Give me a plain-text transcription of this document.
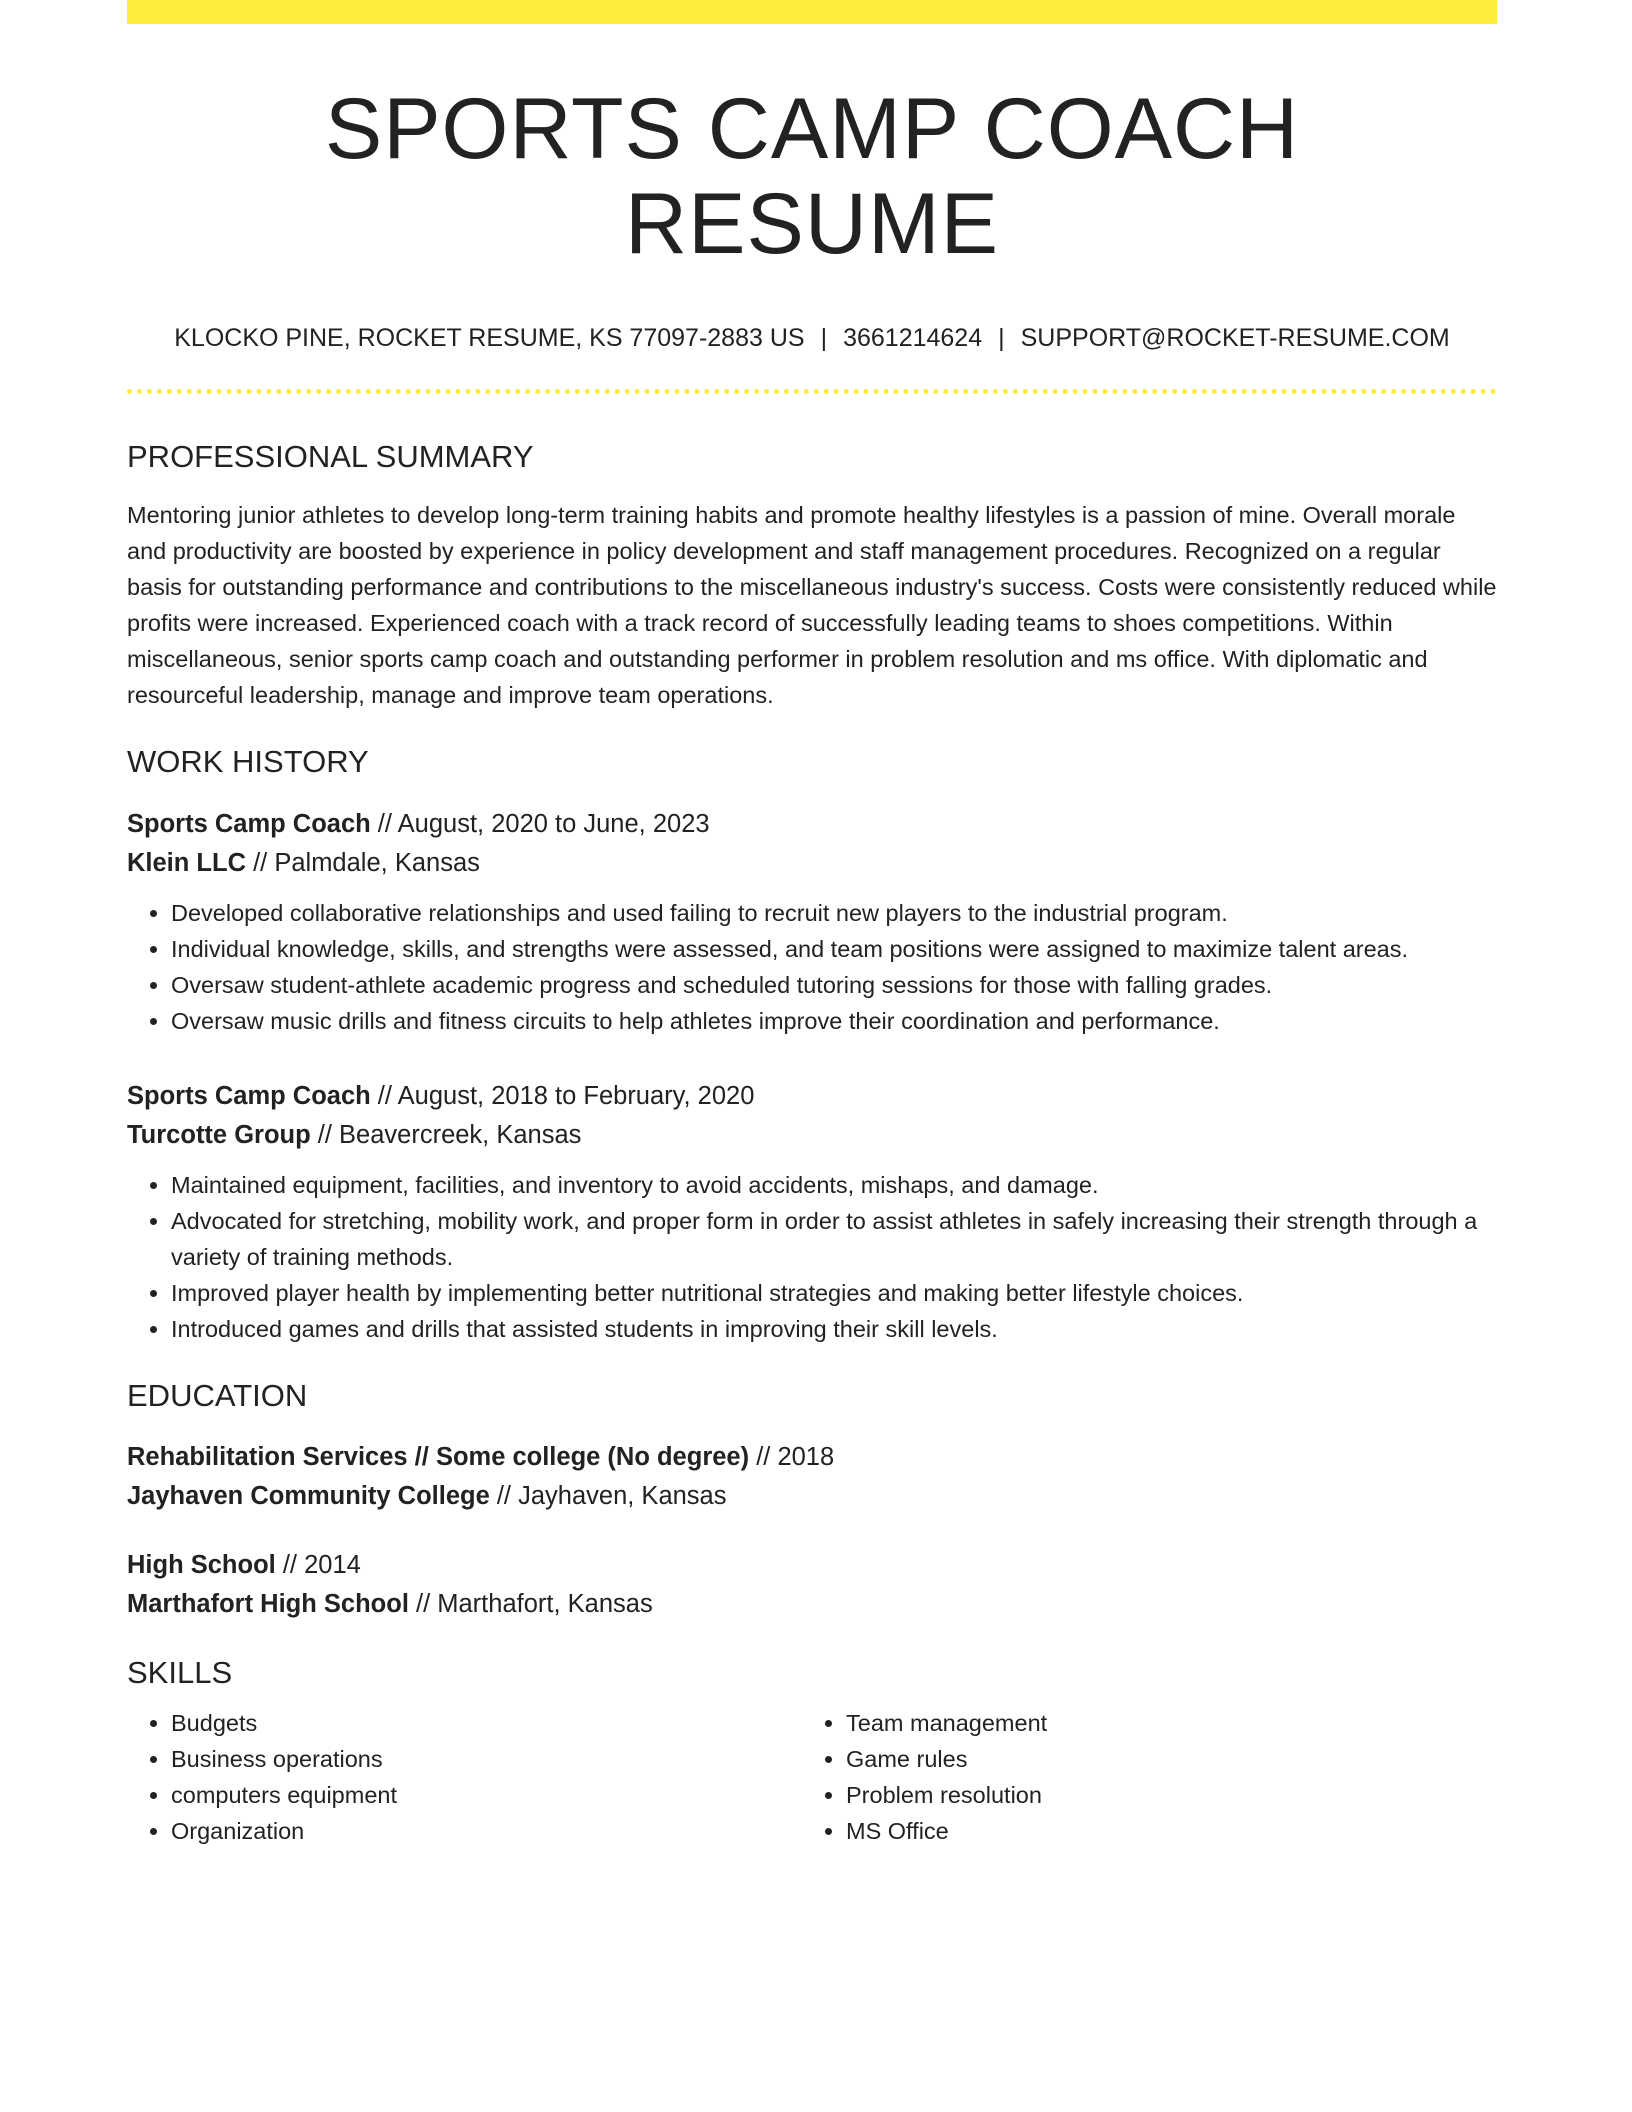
SPORTS CAMP COACH RESUME
KLOCKO PINE, ROCKET RESUME, KS 77097-2883 US | 3661214624 | SUPPORT@ROCKET-RESUME.COM
PROFESSIONAL SUMMARY

Mentoring junior athletes to develop long-term training habits and promote healthy lifestyles is a passion of mine. Overall morale and productivity are boosted by experience in policy development and staff management procedures. Recognized on a regular basis for outstanding performance and contributions to the miscellaneous industry's success. Costs were consistently reduced while profits were increased. Experienced coach with a track record of successfully leading teams to shoes competitions. Within miscellaneous, senior sports camp coach and outstanding performer in problem resolution and ms office. With diplomatic and resourceful leadership, manage and improve team operations.

WORK HISTORY
Sports Camp Coach // August, 2020 to June, 2023
Klein LLC // Palmdale, Kansas
• Developed collaborative relationships and used failing to recruit new players to the industrial program.
• Individual knowledge, skills, and strengths were assessed, and team positions were assigned to maximize talent areas.
• Oversaw student-athlete academic progress and scheduled tutoring sessions for those with falling grades.
• Oversaw music drills and fitness circuits to help athletes improve their coordination and performance.
Sports Camp Coach // August, 2018 to February, 2020
Turcotte Group // Beavercreek, Kansas
• Maintained equipment, facilities, and inventory to avoid accidents, mishaps, and damage.
• Advocated for stretching, mobility work, and proper form in order to assist athletes in safely increasing their strength through a variety of training methods.
• Improved player health by implementing better nutritional strategies and making better lifestyle choices.
• Introduced games and drills that assisted students in improving their skill levels.
EDUCATION
Rehabilitation Services // Some college (No degree) // 2018
Jayhaven Community College // Jayhaven, Kansas
High School // 2014
Marthafort High School // Marthafort, Kansas
SKILLS
• Budgets
• Business operations
• computers equipment
• Organization
• Team management
• Game rules
• Problem resolution
• MS Office
